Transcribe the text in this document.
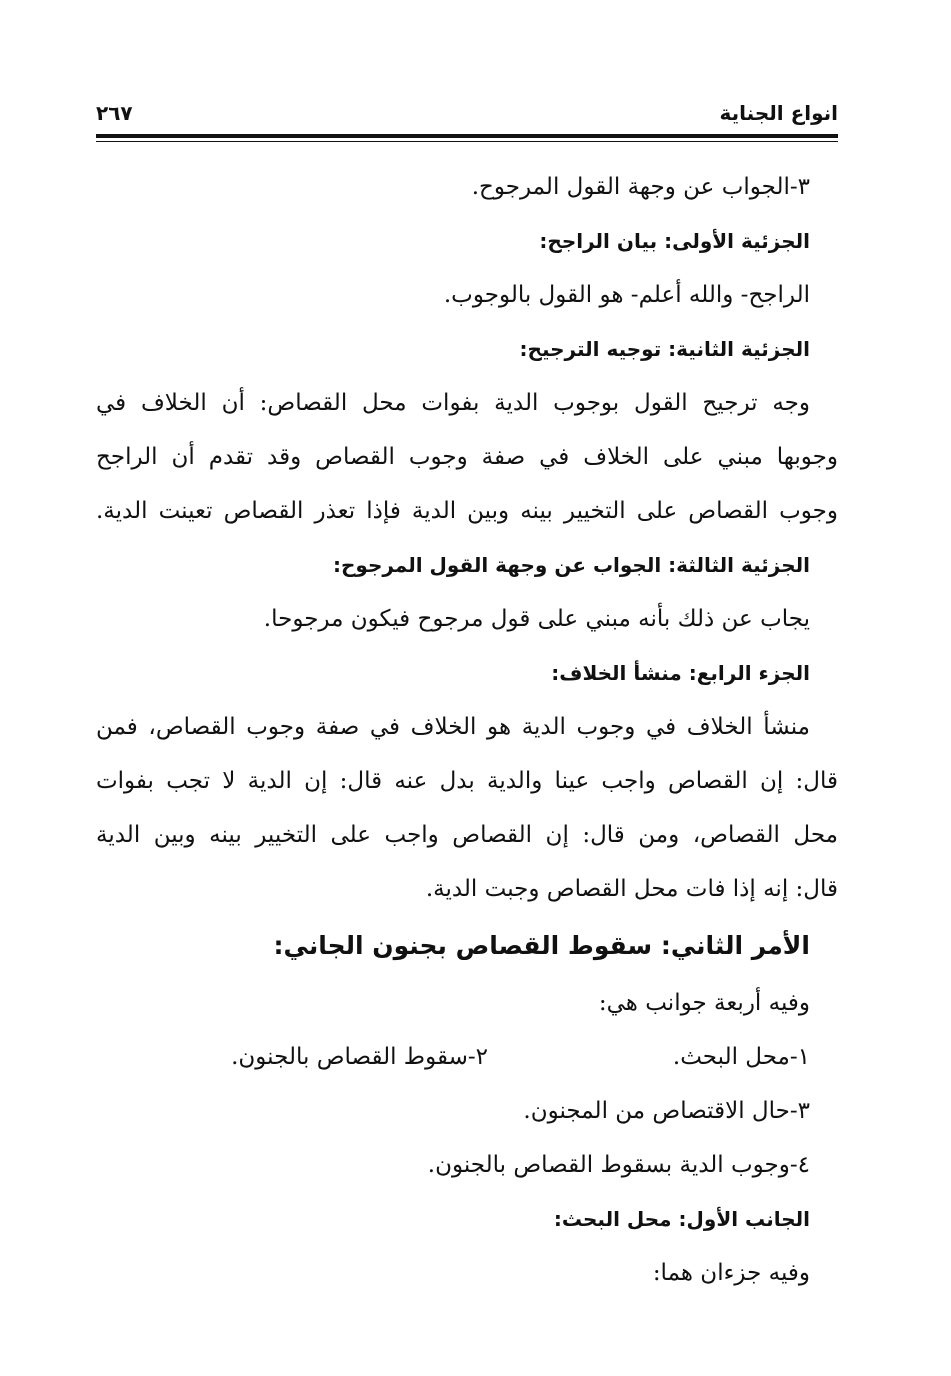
انواع الجناية
٢٦٧
٣-الجواب عن وجهة القول المرجوح.
الجزئية الأولى: بيان الراجح:
الراجح- والله أعلم- هو القول بالوجوب.
الجزئية الثانية: توجيه الترجيح:
وجه ترجيح القول بوجوب الدية بفوات محل القصاص: أن الخلاف في
وجوبها مبني على الخلاف في صفة وجوب القصاص وقد تقدم أن الراجح
وجوب القصاص على التخيير بينه وبين الدية فإذا تعذر القصاص تعينت الدية.
الجزئية الثالثة: الجواب عن وجهة القول المرجوح:
يجاب عن ذلك بأنه مبني على قول مرجوح فيكون مرجوحا.
الجزء الرابع: منشأ الخلاف:
منشأ الخلاف في وجوب الدية هو الخلاف في صفة وجوب القصاص، فمن
قال: إن القصاص واجب عينا والدية بدل عنه قال: إن الدية لا تجب بفوات
محل القصاص، ومن قال: إن القصاص واجب على التخيير بينه وبين الدية
قال: إنه إذا فات محل القصاص وجبت الدية.
الأمر الثاني: سقوط القصاص بجنون الجاني:
وفيه أربعة جوانب هي:
١-محل البحث.
٢-سقوط القصاص بالجنون.
٣-حال الاقتصاص من المجنون.
٤-وجوب الدية بسقوط القصاص بالجنون.
الجانب الأول: محل البحث:
وفيه جزءان هما:
